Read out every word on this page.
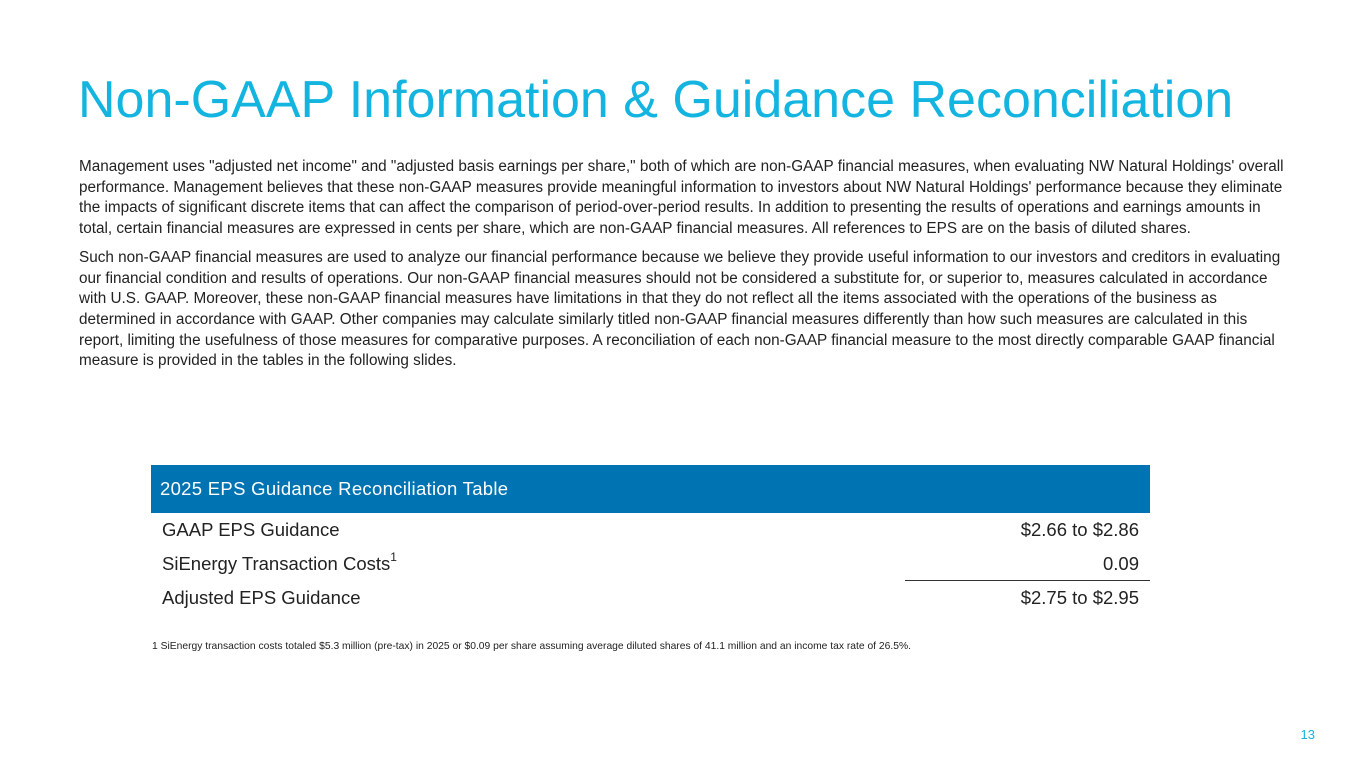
Non-GAAP Information & Guidance Reconciliation

Management uses "adjusted net income" and "adjusted basis earnings per share," both of which are non-GAAP financial measures, when evaluating NW Natural Holdings' overall performance. Management believes that these non-GAAP measures provide meaningful information to investors about NW Natural Holdings' performance because they eliminate the impacts of significant discrete items that can affect the comparison of period-over-period results. In addition to presenting the results of operations and earnings amounts in total, certain financial measures are expressed in cents per share, which are non-GAAP financial measures. All references to EPS are on the basis of diluted shares.

Such non-GAAP financial measures are used to analyze our financial performance because we believe they provide useful information to our investors and creditors in evaluating our financial condition and results of operations. Our non-GAAP financial measures should not be considered a substitute for, or superior to, measures calculated in accordance with U.S. GAAP. Moreover, these non-GAAP financial measures have limitations in that they do not reflect all the items associated with the operations of the business as determined in accordance with GAAP. Other companies may calculate similarly titled non-GAAP financial measures differently than how such measures are calculated in this report, limiting the usefulness of those measures for comparative purposes. A reconciliation of each non-GAAP financial measure to the most directly comparable GAAP financial measure is provided in the tables in the following slides.

2025 EPS Guidance Reconciliation Table
GAAP EPS Guidance	$2.66 to $2.86
SiEnergy Transaction Costs$^1$	0.09
Adjusted EPS Guidance	$2.75 to $2.95
1 SiEnergy transaction costs totaled $5.3 million (pre-tax) in 2025 or $0.09 per share assuming average diluted shares of 41.1 million and an income tax rate of 26.5%.
13
